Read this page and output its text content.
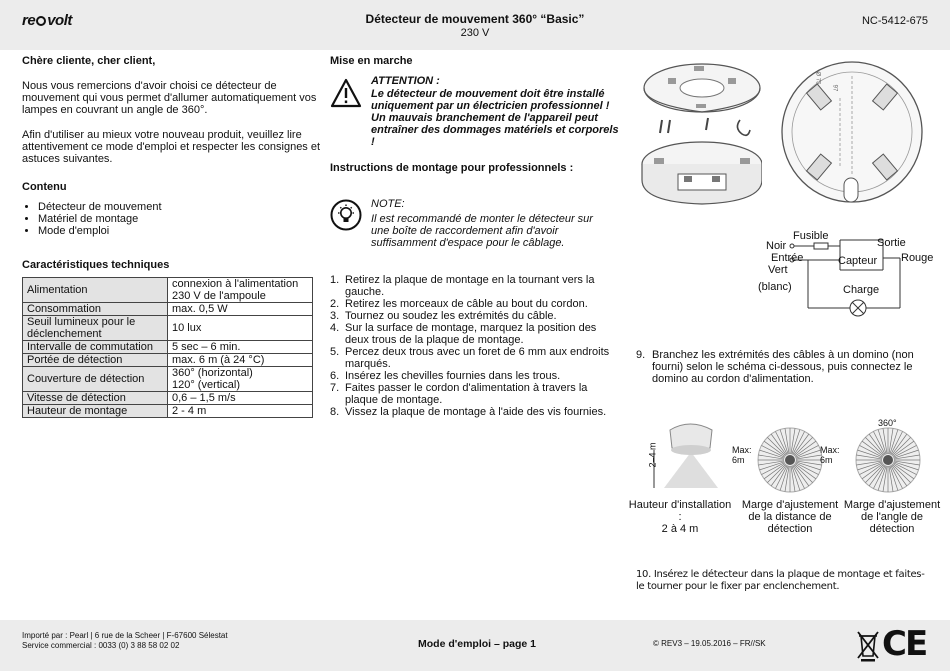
re volt	Détecteur de mouvement 360° “Basic”
230 V
NC-5412-675

Chère cliente, cher client,

Nous vous remercions d'avoir choisi ce détecteur de mouvement qui vous permet d'allumer automatiquement vos lampes en couvrant un angle de 360°.

Afin d'utiliser au mieux votre nouveau produit, veuillez lire attentivement ce mode d'emploi et respecter les consignes et astuces suivantes.

Contenu
• Détecteur de mouvement
• Matériel de montage
• Mode d'emploi
Caractéristiques techniques
Alimentation	connexion à l'alimentation
230 V de l'ampoule
Consommation	max. 0,5 W
Seuil lumineux pour le déclenchement	10 lux
Intervalle de commutation	5 sec – 6 min.
Portée de détection	max. 6 m (à 24 °C)
Couverture de détection	360° (horizontal)
120° (vertical)
Vitesse de détection	0,6 – 1,5 m/s
Hauteur de montage	2 - 4 m
Mise en marche
ATTENTION :
Le détecteur de mouvement doit être installé uniquement par un électricien professionnel ! Un mauvais branchement de l'appareil peut entraîner des dommages matériels et corporels !
Instructions de montage pour professionnels :
NOTE:
Il est recommandé de monter le détecteur sur une boîte de raccordement afin d'avoir suffisamment d'espace pour le câblage.
1. Retirez la plaque de montage en la tournant vers la gauche.
2. Retirez les morceaux de câble au bout du cordon.
3. Tournez ou soudez les extrémités du câble.
4. Sur la surface de montage, marquez la position des deux trous de la plaque de montage.
5. Percez deux trous avec un foret de 6 mm aux endroits marqués.
6. Insérez les chevilles fournies dans les trous.
7. Faites passer le cordon d'alimentation à travers la plaque de montage.
8. Vissez la plaque de montage à l'aide des vis fournies.
Ø 75
97
Fusible
Noir
Entrée
Vert
(blanc)
Capteur
Charge
Sortie
Rouge
9. Branchez les extrémités des câbles à un domino (non fourni) selon le schéma ci-dessous, puis connectez le domino au cordon d'alimentation.
2–4 m	Max:
6m
Max:
6m
360°
Hauteur d'installation :
2 à 4 m
Marge d'ajustement
de la distance de
détection
Marge d'ajustement
de l'angle de détection
10. Insérez le détecteur dans la plaque de montage et faites-le tourner pour le fixer par enclenchement.
Importé par : Pearl | 6 rue de la Scheer | F-67600 Sélestat
Service commercial : 0033 (0) 3 88 58 02 02	Mode d'emploi – page 1	© REV3 – 19.05.2016 – FR//SK	CE
